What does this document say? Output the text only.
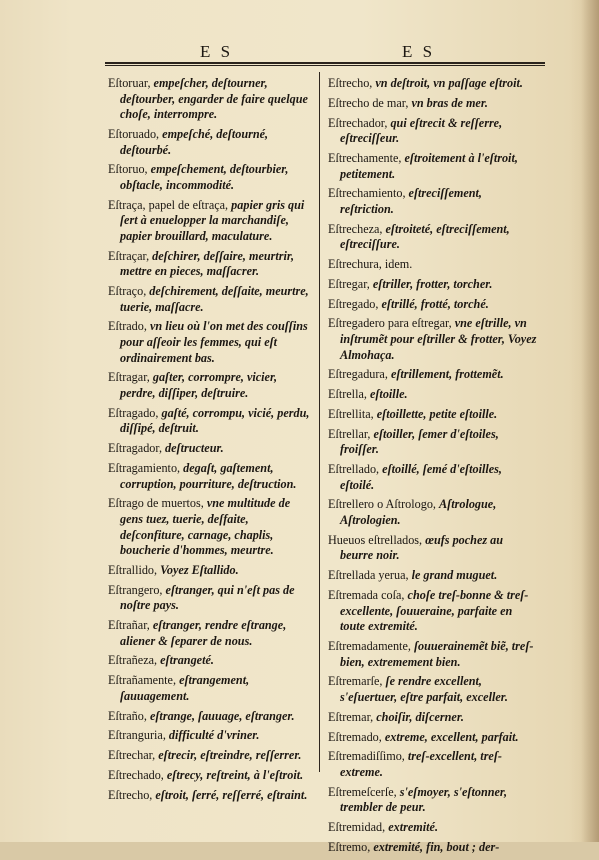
E S	E S
Eſtoruar, empeſcher, deſtourner, deſtourber, engarder de faire quelque choſe, interrompre.
Eſtoruado, empeſché, deſtourné, deſtourbé.
Eſtoruo, empeſchement, deſtourbier, obſtacle, incommodité.
Eſtraça, papel de eſtraça, papier gris qui ſert à enuelopper la marchandiſe, papier brouillard, maculature.
Eſtraçar, deſchirer, deſſaire, meurtrir, mettre en pieces, maſſacrer.
Eſtraço, deſchirement, deſſaite, meurtre, tuerie, maſſacre.
Eſtrado, vn lieu où l'on met des couſſins pour aſſeoir les femmes, qui eſt ordinairement bas.
Eſtragar, gaſter, corrompre, vicier, perdre, diſſiper, deſtruire.
Eſtragado, gaſté, corrompu, vicié, perdu, diſſipé, deſtruit.
Eſtragador, deſtructeur.
Eſtragamiento, degaſt, gaſtement, corruption, pourriture, deſtruction.
Eſtrago de muertos, vne multitude de gens tuez, tuerie, deſfaite, deſconfiture, carnage, chaplis, boucherie d'hommes, meurtre.
Eſtrallido, Voyez Eſtallido.
Eſtrangero, eſtranger, qui n'eſt pas de noſtre pays.
Eſtrañar, eſtranger, rendre eſtrange, aliener & ſeparer de nous.
Eſtrañeza, eſtrangeté.
Eſtrañamente, eſtrangement, ſauuagement.
Eſtraño, eſtrange, ſauuage, eſtranger.
Eſtranguria, difficulté d'vriner.
Eſtrechar, eſtrecir, eſtreindre, reſſerrer.
Eſtrechado, eſtrecy, reſtreint, à l'eſtroit.
Eſtrecho, eſtroit, ſerré, reſſerré, eſtraint.
Eſtrecho, vn deſtroit, vn paſſage eſtroit.
Eſtrecho de mar, vn bras de mer.
Eſtrechador, qui eſtrecit & reſſerre, eſtreciſſeur.
Eſtrechamente, eſtroitement à l'eſtroit, petitement.
Eſtrechamiento, eſtreciſſement, reſtriction.
Eſtrecheza, eſtroiteté, eſtreciſſement, eſtreciſſure.
Eſtrechura, idem.
Eſtregar, eſtriller, frotter, torcher.
Eſtregado, eſtrillé, frotté, torché.
Eſtregadero para eſtregar, vne eſtrille, vn inſtrumẽt pour eſtriller & frotter, Voyez Almohaça.
Eſtregadura, eſtrillement, frottemẽt.
Eſtrella, eſtoille.
Eſtrellita, eſtoillette, petite eſtoille.
Eſtrellar, eſtoiller, ſemer d'eſtoiles, froiſſer.
Eſtrellado, eſtoillé, ſemé d'eſtoilles, eſtoilé.
Eſtrellero o Aſtrologo, Aſtrologue, Aſtrologien.
Hueuos eſtrellados, œufs pochez au beurre noir.
Eſtrellada yerua, le grand muguet.
Eſtremada coſa, choſe treſ-bonne & treſ-excellente, ſouueraine, parfaite en toute extremité.
Eſtremadamente, ſouuerainemẽt biẽ, treſ-bien, extremement bien.
Eſtremarſe, ſe rendre excellent, s'eſuertuer, eſtre parfait, exceller.
Eſtremar, choiſir, diſcerner.
Eſtremado, extreme, excellent, parfait.
Eſtremadiſſimo, treſ-excellent, treſ-extreme.
Eſtremeſcerſe, s'eſmoyer, s'eſtonner, trembler de peur.
Eſtremidad, extremité.
Eſtremo, extremité, fin, bout ; der-
